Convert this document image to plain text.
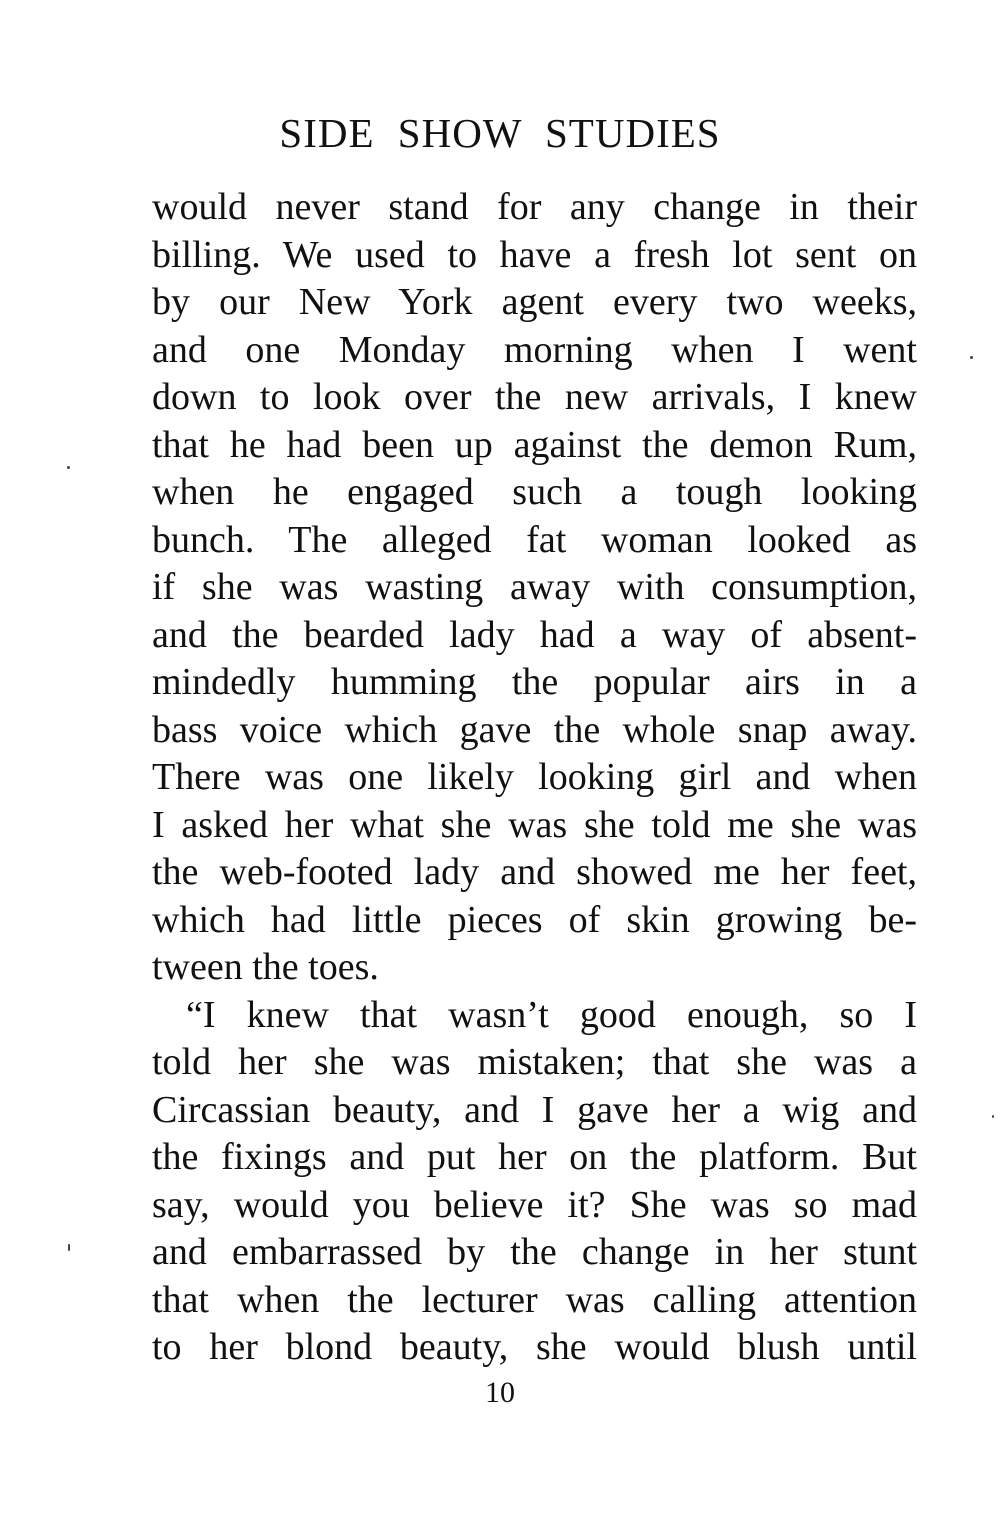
SIDE SHOW STUDIES
would never stand for any change in their
billing. We used to have a fresh lot sent on
by our New York agent every two weeks,
and one Monday morning when I went
down to look over the new arrivals, I knew
that he had been up against the demon Rum,
when he engaged such a tough looking
bunch. The alleged fat woman looked as
if she was wasting away with consumption,
and the bearded lady had a way of absent-
mindedly humming the popular airs in a
bass voice which gave the whole snap away.
There was one likely looking girl and when
I asked her what she was she told me she was
the web-footed lady and showed me her feet,
which had little pieces of skin growing be-
tween the toes.
“I knew that wasn’t good enough, so I
told her she was mistaken; that she was a
Circassian beauty, and I gave her a wig and
the fixings and put her on the platform. But
say, would you believe it? She was so mad
and embarrassed by the change in her stunt
that when the lecturer was calling attention
to her blond beauty, she would blush until
10
